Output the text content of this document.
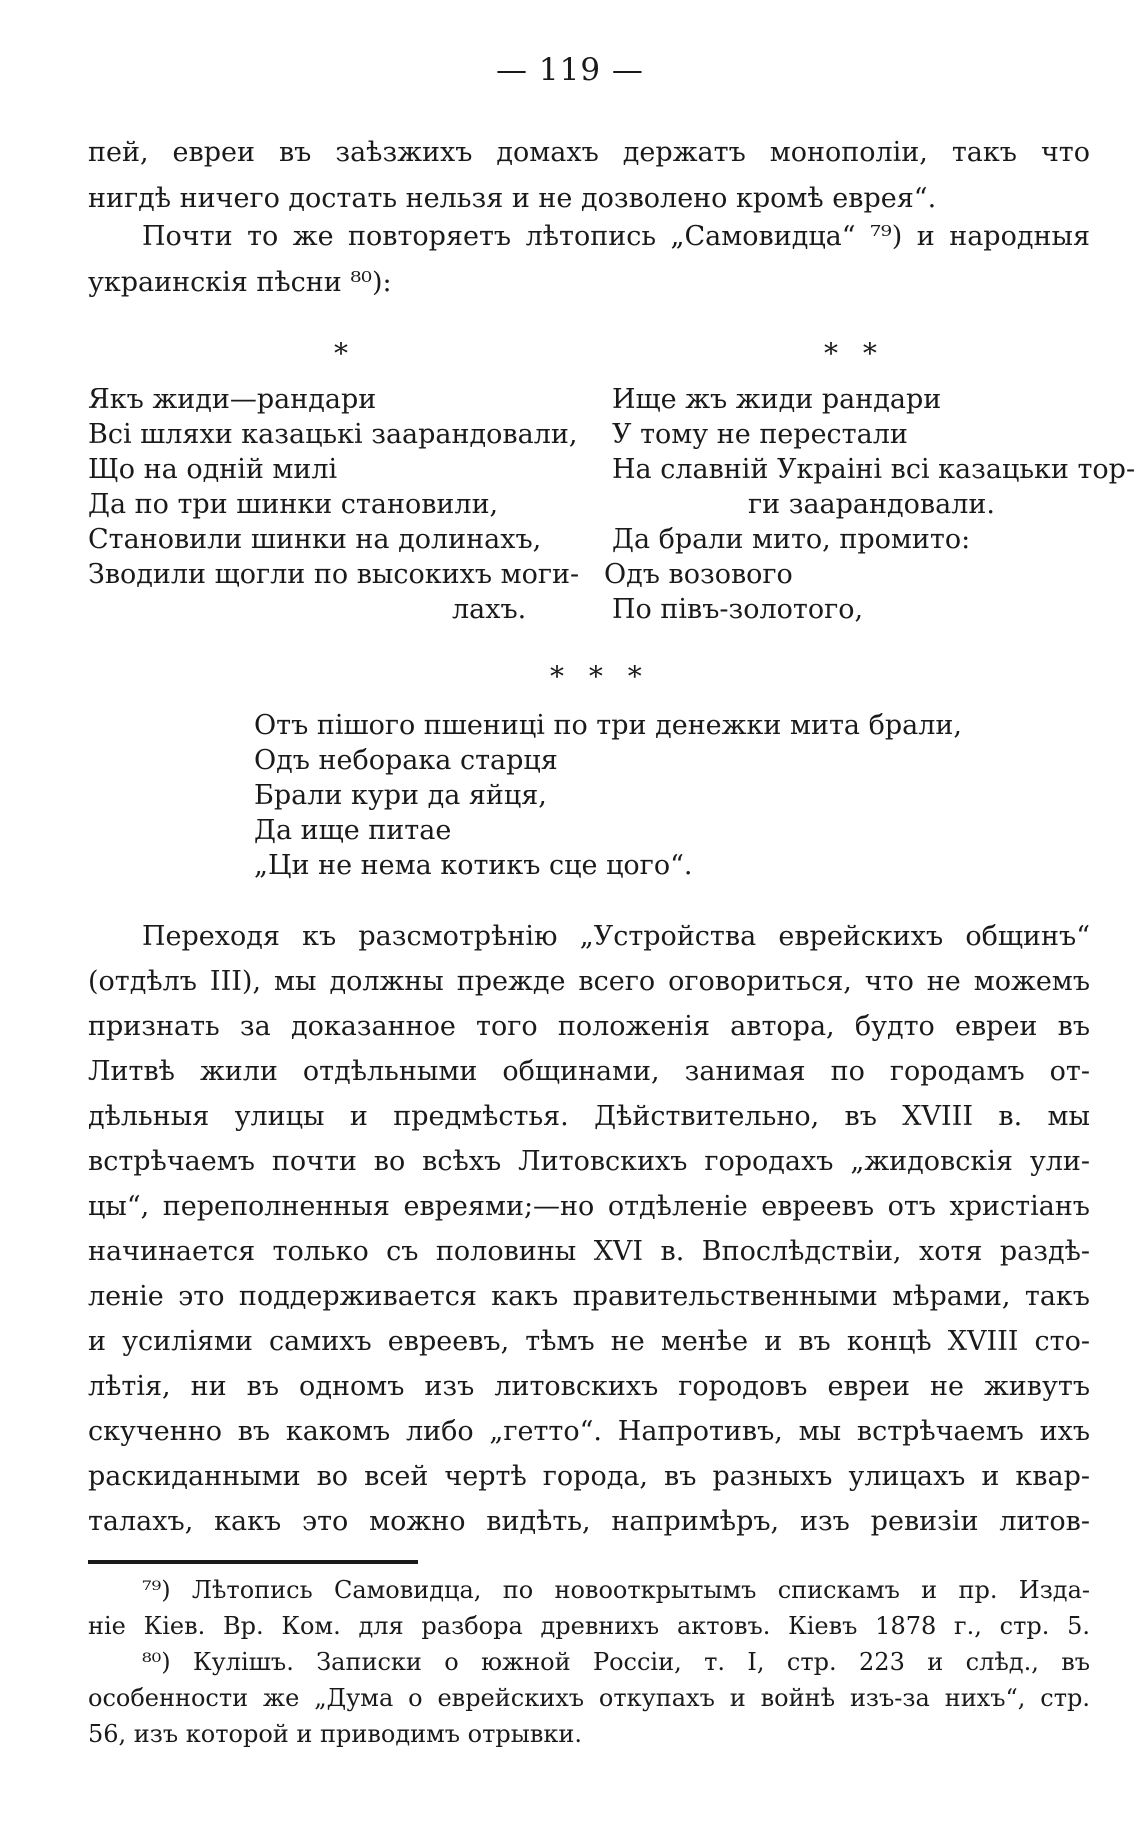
— 119 —
пей, евреи въ заѣзжихъ домахъ держатъ монополіи, такъ что
нигдѣ ничего достать нельзя и не дозволено кромѣ еврея“.
Почти то же повторяетъ лѣтопись „Самовидца“ ⁷⁹) и народныя
украинскія пѣсни ⁸⁰):
*
Якъ жиди—рандари
Всі шляхи казацькі заарандовали,
Що на одній милі
Да по три шинки становили,
Становили шинки на долинахъ,
Зводили щогли по высокихъ моги-
лахъ.
* *
Ище жъ жиди рандари
У тому не перестали
На славній Украіні всі казацьки тор-
ги заарандовали.
Да брали мито, промито:
Одъ возового
По півъ-золотого,
* * *
Отъ пішого пшениці по три денежки мита брали,
Одъ неборака старця
Брали кури да яйця,
Да ище питае
„Ци не нема котикъ сце цого“.
Переходя къ разсмотрѣнію „Устройства еврейскихъ общинъ“
(отдѣлъ III), мы должны прежде всего оговориться, что не можемъ
признать за доказанное того положенія автора, будто евреи въ
Литвѣ жили отдѣльными общинами, занимая по городамъ от-
дѣльныя улицы и предмѣстья. Дѣйствительно, въ XVIII в. мы
встрѣчаемъ почти во всѣхъ Литовскихъ городахъ „жидовскія ули-
цы“, переполненныя евреями;—но отдѣленіе евреевъ отъ христіанъ
начинается только съ половины XVI в. Впослѣдствіи, хотя раздѣ-
леніе это поддерживается какъ правительственными мѣрами, такъ
и усиліями самихъ евреевъ, тѣмъ не менѣе и въ концѣ XVIII сто-
лѣтія, ни въ одномъ изъ литовскихъ городовъ евреи не живутъ
скученно въ какомъ либо „гетто“. Напротивъ, мы встрѣчаемъ ихъ
раскиданными во всей чертѣ города, въ разныхъ улицахъ и квар-
талахъ, какъ это можно видѣть, напримѣръ, изъ ревизіи литов-
⁷⁹) Лѣтопись Самовидца, по новооткрытымъ спискамъ и пр. Изда-
ніе Кіев. Вр. Ком. для разбора древнихъ актовъ. Кіевъ 1878 г., стр. 5.
⁸⁰) Кулішъ. Записки о южной Россіи, т. I, стр. 223 и слѣд., въ
особенности же „Дума о еврейскихъ откупахъ и войнѣ изъ-за нихъ“, стр.
56, изъ которой и приводимъ отрывки.
